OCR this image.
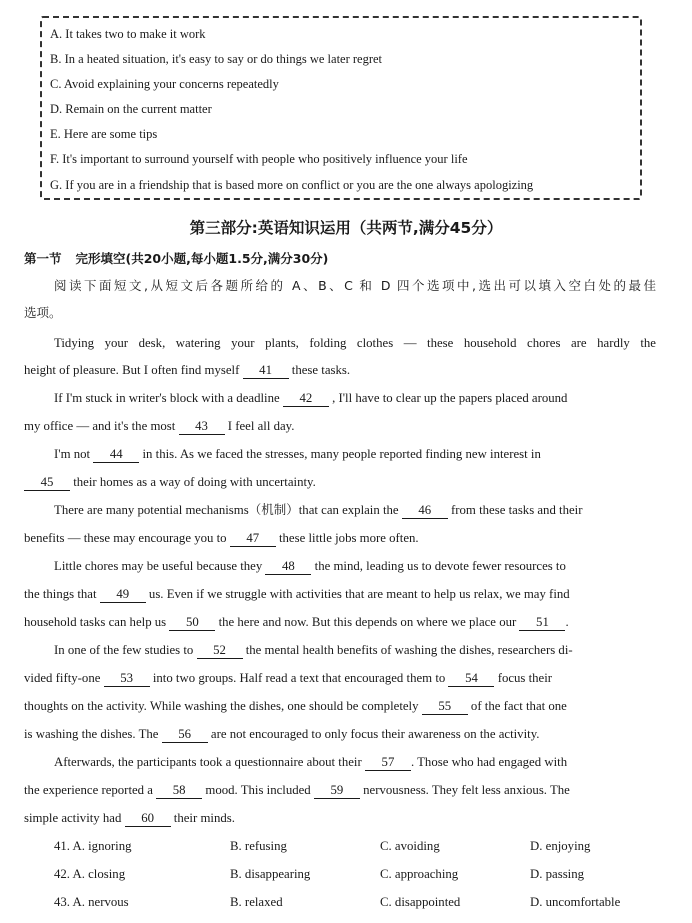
A. It takes two to make it work
B. In a heated situation, it's easy to say or do things we later regret
C. Avoid explaining your concerns repeatedly
D. Remain on the current matter
E. Here are some tips
F. It's important to surround yourself with people who positively influence your life
G. If you are in a friendship that is based more on conflict or you are the one always apologizing
第三部分:英语知识运用（共两节,满分45分）
第一节 完形填空(共20小题,每小题1.5分,满分30分)
阅读下面短文,从短文后各题所给的 A、B、C 和 D 四个选项中,选出可以填入空白处的最佳
选项。
Tidying your desk, watering your plants, folding clothes — these household chores are hardly the
height of pleasure. But I often find myself 41 these tasks.
If I'm stuck in writer's block with a deadline 42 , I'll have to clear up the papers placed around
my office — and it's the most 43 I feel all day.
I'm not 44 in this. As we faced the stresses, many people reported finding new interest in
45 their homes as a way of doing with uncertainty.
There are many potential mechanisms（机制）that can explain the 46 from these tasks and their
benefits — these may encourage you to 47 these little jobs more often.
Little chores may be useful because they 48 the mind, leading us to devote fewer resources to
the things that 49 us. Even if we struggle with activities that are meant to help us relax, we may find
household tasks can help us 50 the here and now. But this depends on where we place our 51 .
In one of the few studies to 52 the mental health benefits of washing the dishes, researchers di-
vided fifty-one 53 into two groups. Half read a text that encouraged them to 54 focus their
thoughts on the activity. While washing the dishes, one should be completely 55 of the fact that one
is washing the dishes. The 56 are not encouraged to only focus their awareness on the activity.
Afterwards, the participants took a questionnaire about their 57 . Those who had engaged with
the experience reported a 58 mood. This included 59 nervousness. They felt less anxious. The
simple activity had 60 their minds.
41. A. ignoring	B. refusing	C. avoiding	D. enjoying
42. A. closing	B. disappearing	C. approaching	D. passing
43. A. nervous	B. relaxed	C. disappointed	D. uncomfortable
